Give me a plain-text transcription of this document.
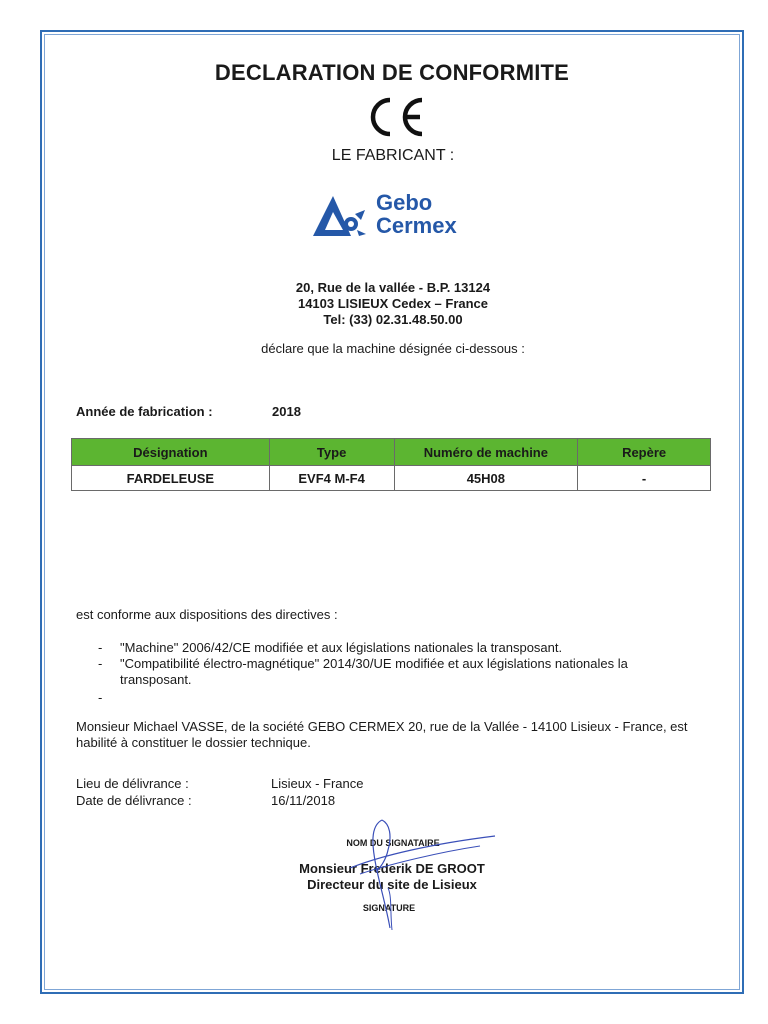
DECLARATION DE CONFORMITE
LE FABRICANT :
Gebo
Cermex
20, Rue de la vallée - B.P. 13124
14103 LISIEUX Cedex – France
Tel: (33) 02.31.48.50.00
déclare que la machine désignée ci-dessous :
Année de fabrication :	2018
Désignation	Type	Numéro de machine	Repère
FARDELEUSE	EVF4 M-F4	45H08	-
est conforme aux dispositions des directives :
- "Machine" 2006/42/CE modifiée et aux législations nationales la transposant.
- "Compatibilité électro-magnétique" 2014/30/UE modifiée et aux législations nationales la transposant.
-
Monsieur Michael VASSE, de la société GEBO CERMEX 20, rue de la Vallée - 14100 Lisieux - France, est habilité à constituer le dossier technique.
Lieu de délivrance :	Lisieux - France
Date de délivrance :	16/11/2018
NOM DU SIGNATAIRE
Monsieur Frederik DE GROOT
Directeur du site de Lisieux
SIGNATURE
